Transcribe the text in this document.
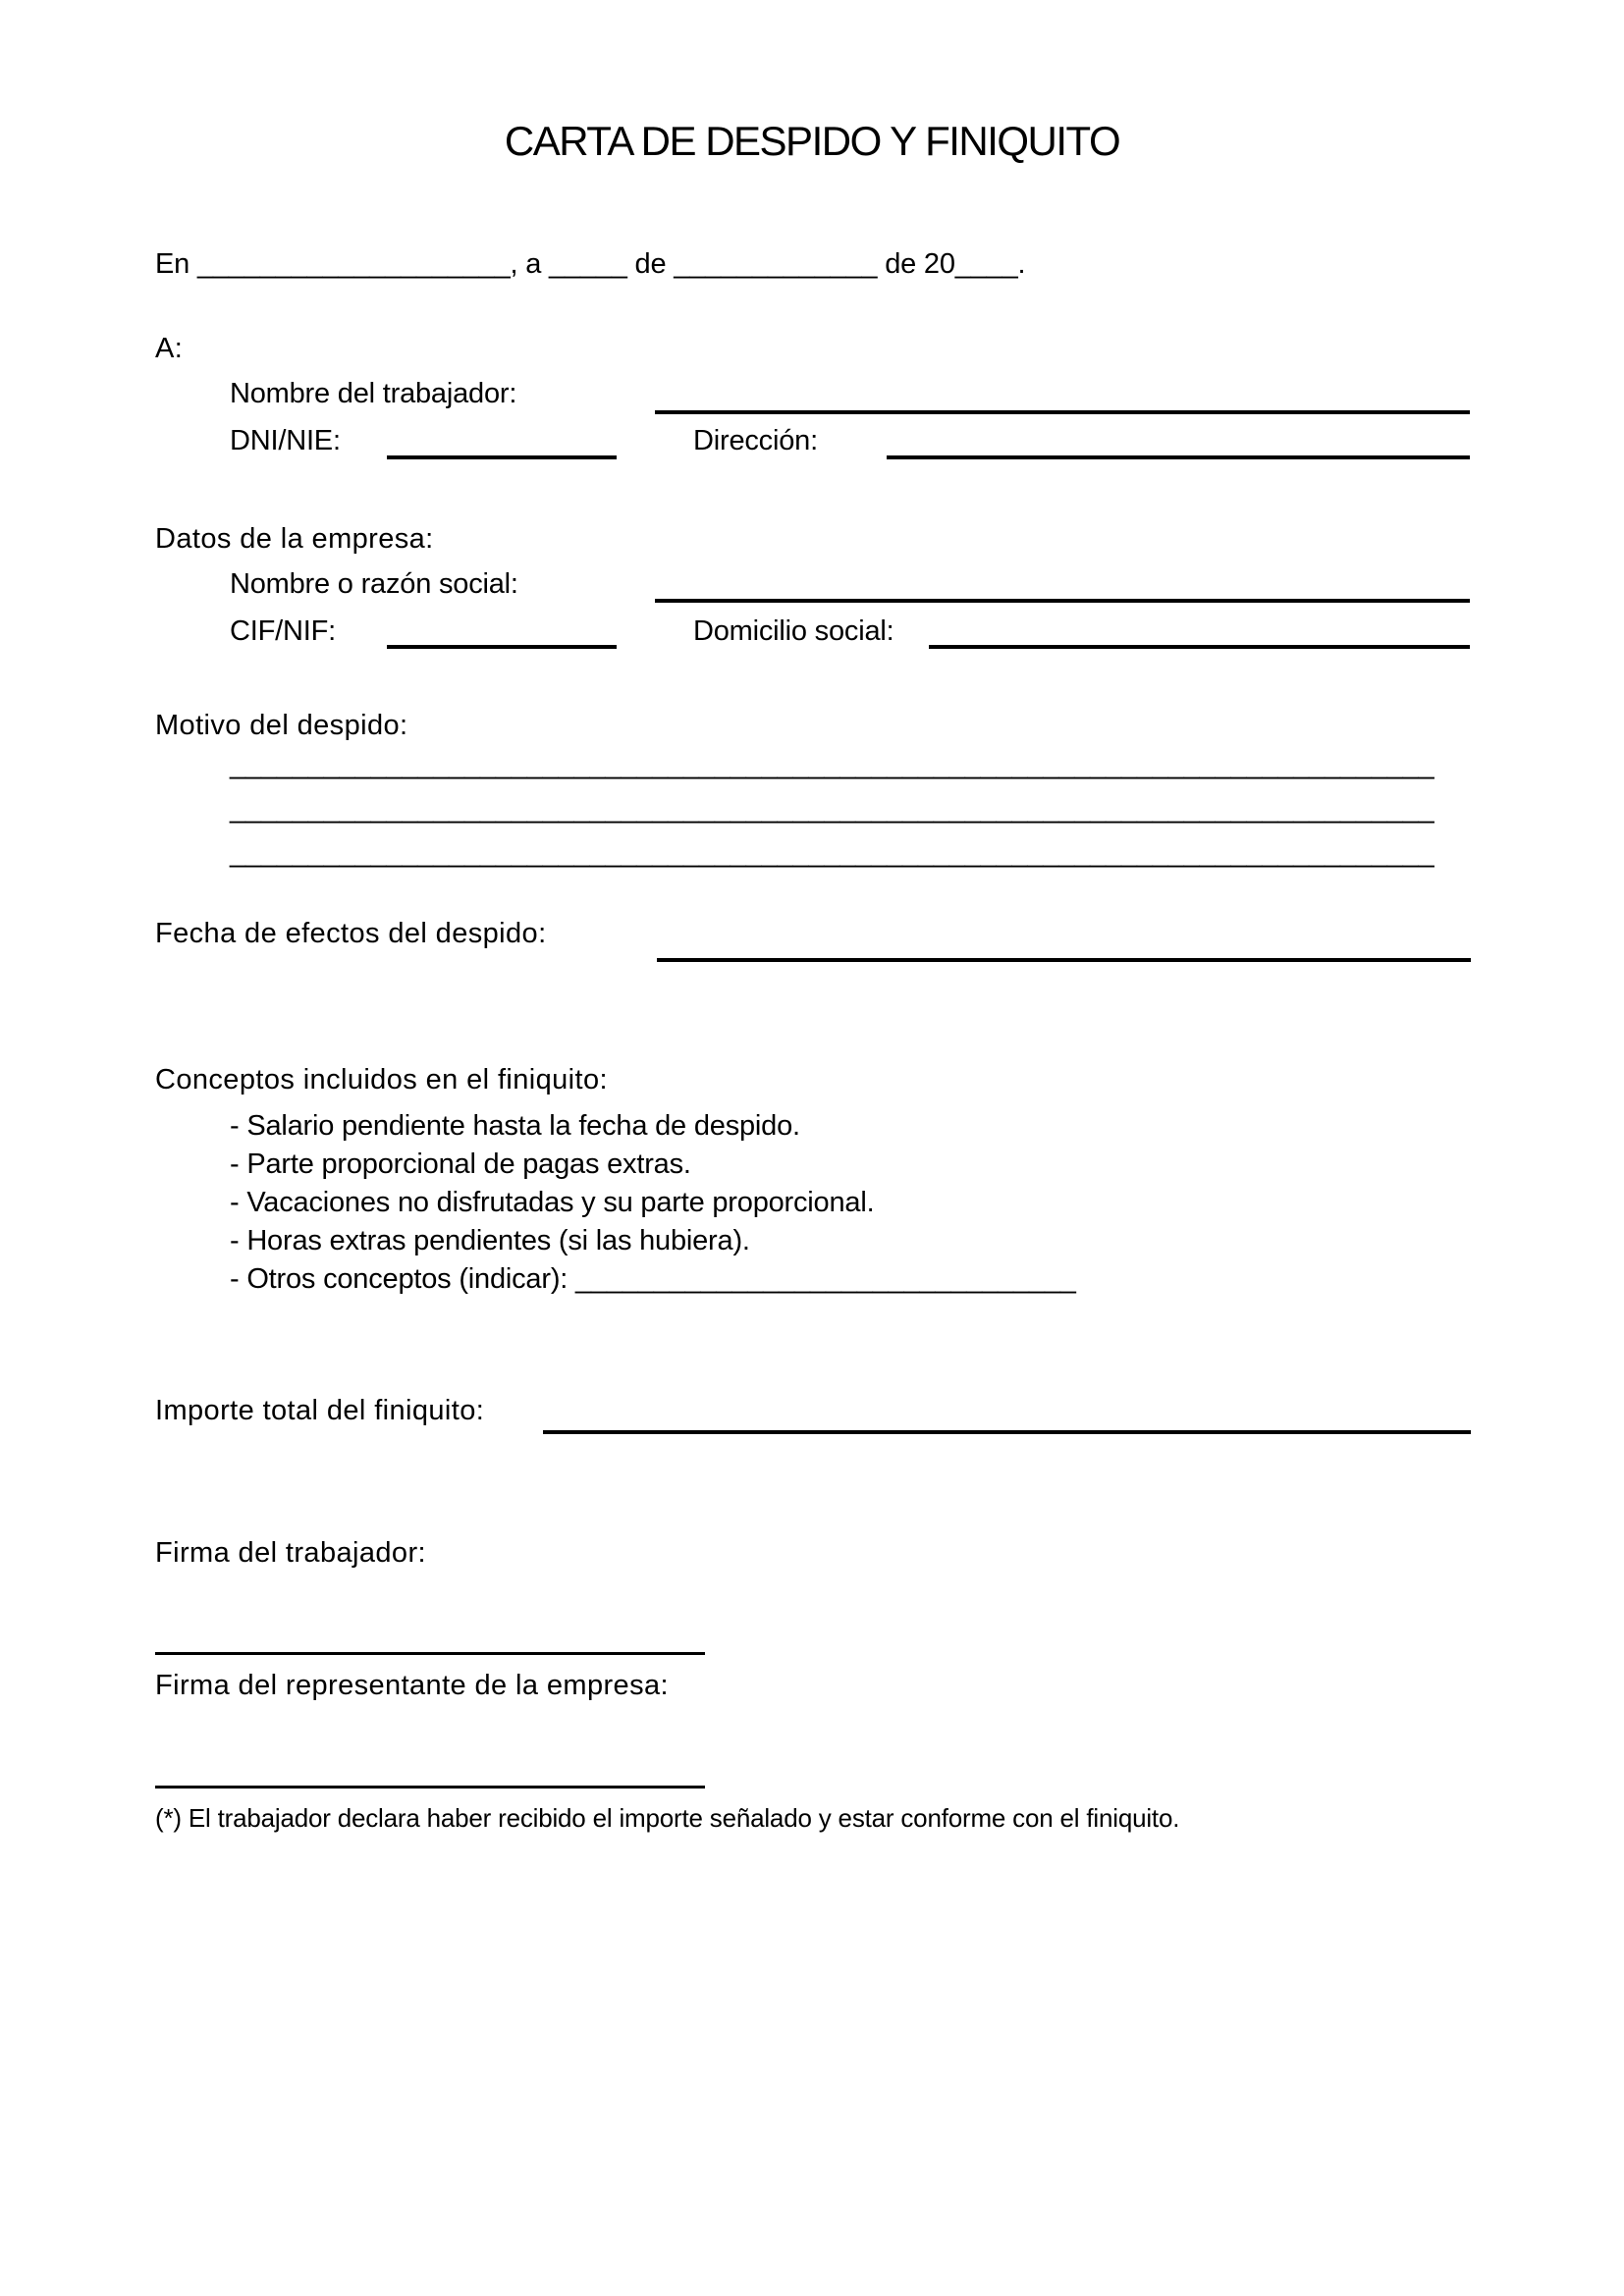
CARTA DE DESPIDO Y FINIQUITO

En ____________________, a _____ de _____________ de 20____.

A:
Nombre del trabajador:
DNI/NIE:	Dirección:
Datos de la empresa:
Nombre o razón social:
CIF/NIF:	Domicilio social:
Motivo del despido:
_____________________________________________________________________________
_____________________________________________________________________________
_____________________________________________________________________________
Fecha de efectos del despido:
Conceptos incluidos en el finiquito:
- Salario pendiente hasta la fecha de despido.
- Parte proporcional de pagas extras.
- Vacaciones no disfrutadas y su parte proporcional.
- Horas extras pendientes (si las hubiera).
- Otros conceptos (indicar): ________________________________
Importe total del finiquito:
Firma del trabajador:
Firma del representante de la empresa:
(*) El trabajador declara haber recibido el importe señalado y estar conforme con el finiquito.
